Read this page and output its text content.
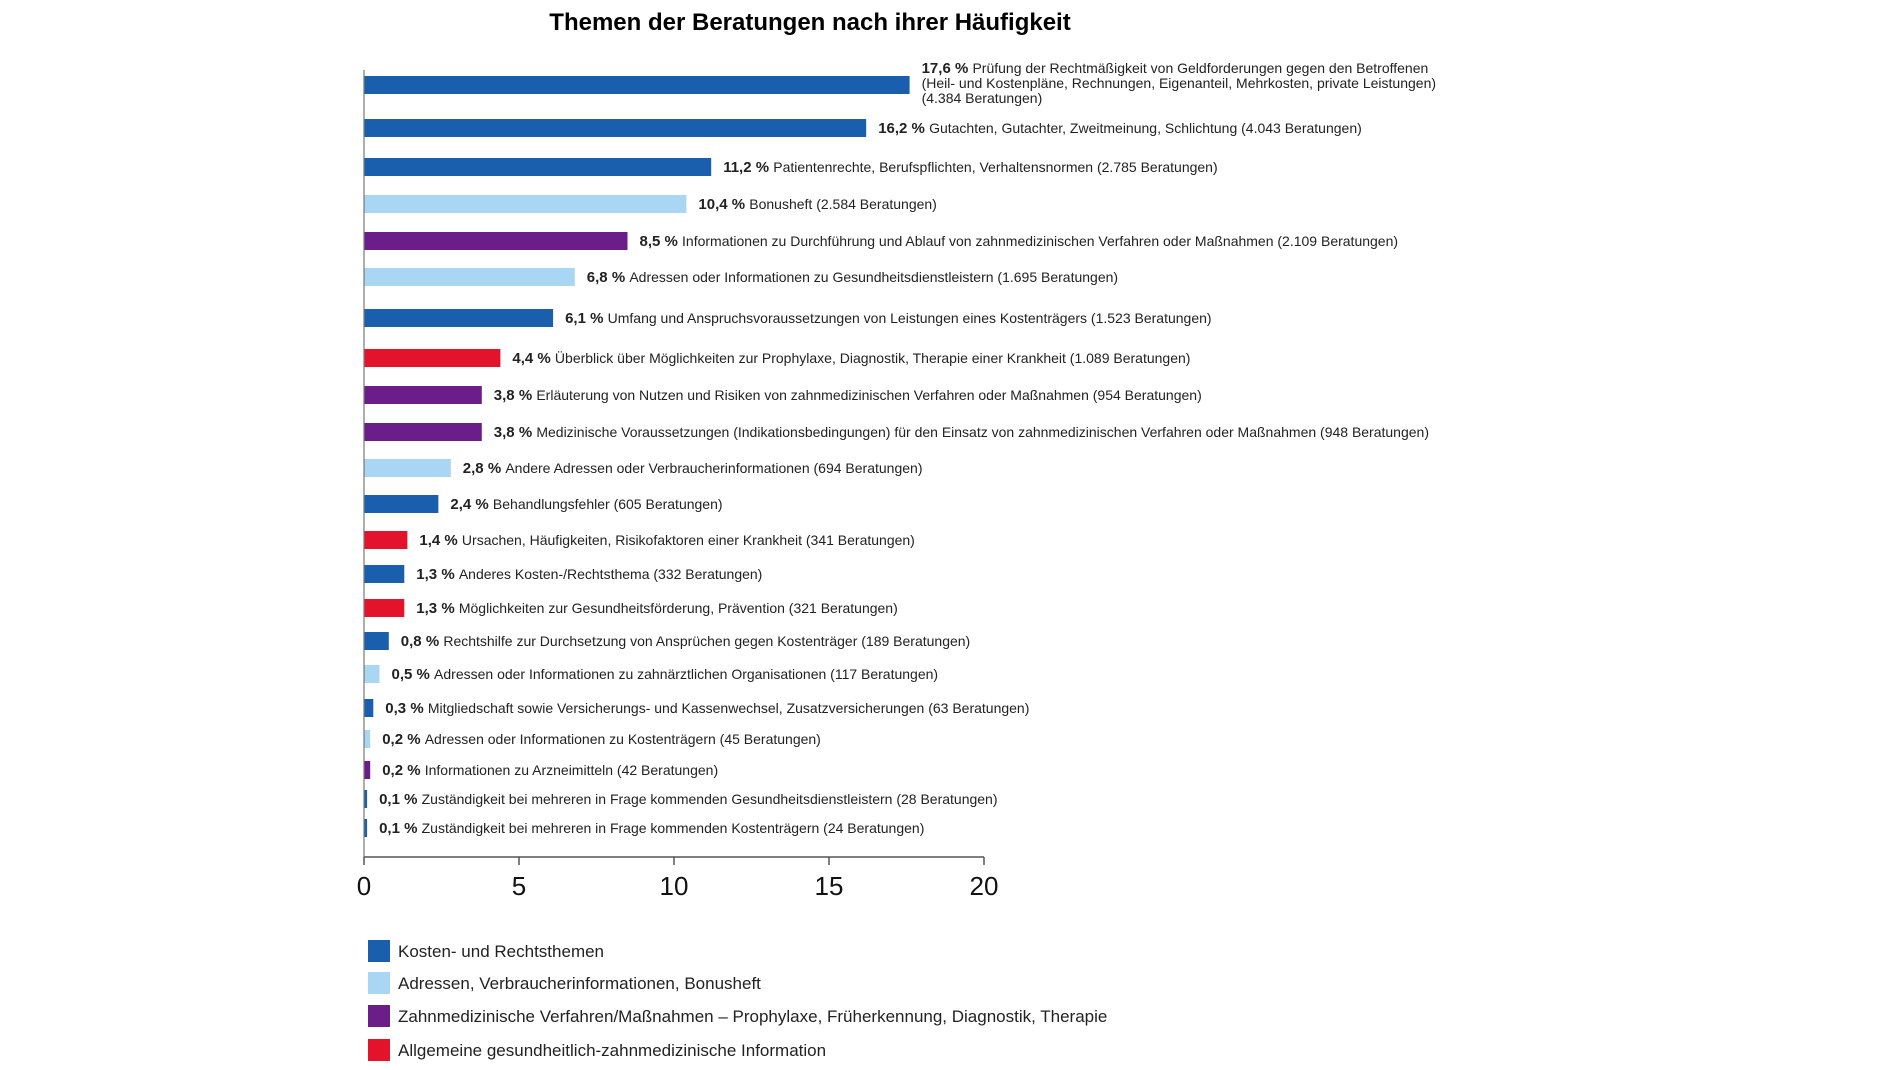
Themen der Beratungen nach ihrer Häufigkeit
17,6 % Prüfung der Rechtmäßigkeit von Geldforderungen gegen den Betroffenen (Heil- und Kostenpläne, Rechnungen, Eigenanteil, Mehrkosten, private Leistungen) (4.384 Beratungen)
16,2 % Gutachten, Gutachter, Zweitmeinung, Schlichtung (4.043 Beratungen)
11,2 % Patientenrechte, Berufspflichten, Verhaltensnormen (2.785 Beratungen)
10,4 % Bonusheft (2.584 Beratungen)
8,5 % Informationen zu Durchführung und Ablauf von zahnmedizinischen Verfahren oder Maßnahmen (2.109 Beratungen)
6,8 % Adressen oder Informationen zu Gesundheitsdienstleistern (1.695 Beratungen)
6,1 % Umfang und Anspruchsvoraussetzungen von Leistungen eines Kostenträgers (1.523 Beratungen)
4,4 % Überblick über Möglichkeiten zur Prophylaxe, Diagnostik, Therapie einer Krankheit (1.089 Beratungen)
3,8 % Erläuterung von Nutzen und Risiken von zahnmedizinischen Verfahren oder Maßnahmen (954 Beratungen)
3,8 % Medizinische Voraussetzungen (Indikationsbedingungen) für den Einsatz von zahnmedizinischen Verfahren oder Maßnahmen (948 Beratungen)
2,8 % Andere Adressen oder Verbraucherinformationen (694 Beratungen)
2,4 % Behandlungsfehler (605 Beratungen)
1,4 % Ursachen, Häufigkeiten, Risikofaktoren einer Krankheit (341 Beratungen)
1,3 % Anderes Kosten-/Rechtsthema (332 Beratungen)
1,3 % Möglichkeiten zur Gesundheitsförderung, Prävention (321 Beratungen)
0,8 % Rechtshilfe zur Durchsetzung von Ansprüchen gegen Kostenträger (189 Beratungen)
0,5 % Adressen oder Informationen zu zahnärztlichen Organisationen (117 Beratungen)
0,3 % Mitgliedschaft sowie Versicherungs- und Kassenwechsel, Zusatzversicherungen (63 Beratungen)
0,2 % Adressen oder Informationen zu Kostenträgern (45 Beratungen)
0,2 % Informationen zu Arzneimitteln (42 Beratungen)
0,1 % Zuständigkeit bei mehreren in Frage kommenden Gesundheitsdienstleistern (28 Beratungen)
0,1 % Zuständigkeit bei mehreren in Frage kommenden Kostenträgern (24 Beratungen)
0	5	10	15	20
Kosten- und Rechtsthemen
Adressen, Verbraucherinformationen, Bonusheft
Zahnmedizinische Verfahren/Maßnahmen – Prophylaxe, Früherkennung, Diagnostik, Therapie
Allgemeine gesundheitlich-zahnmedizinische Information
